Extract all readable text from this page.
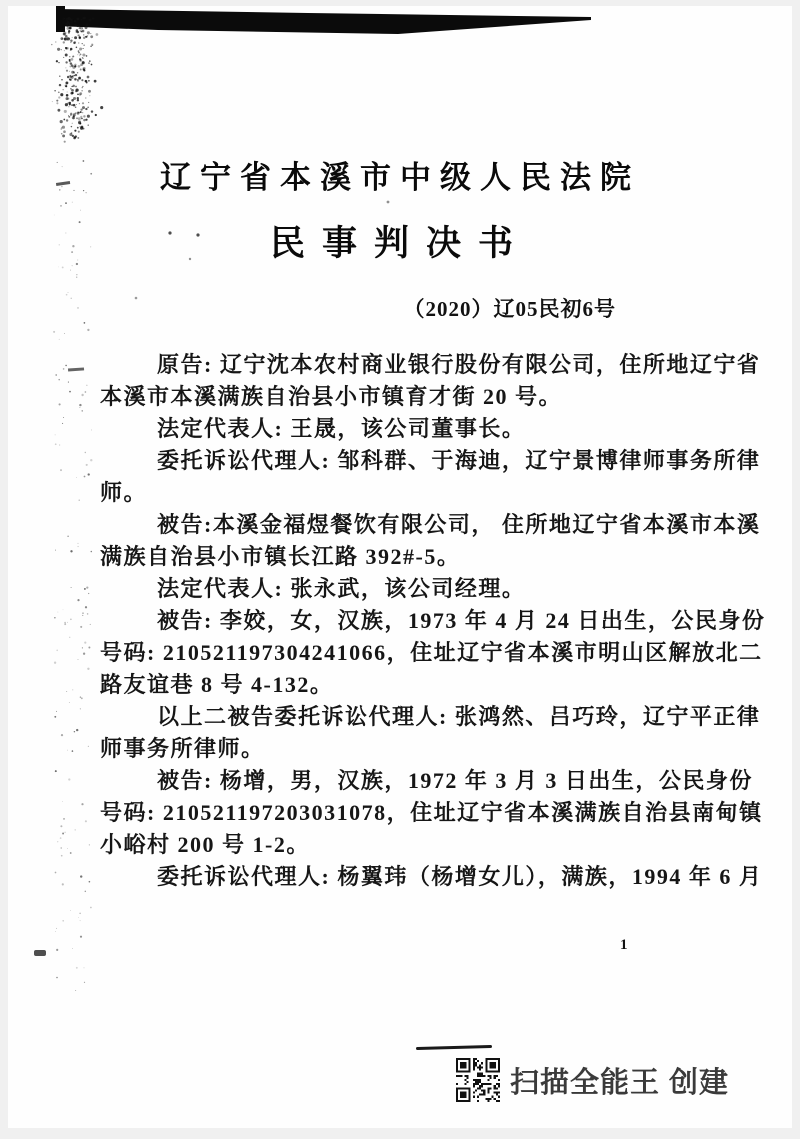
辽宁省本溪市中级人民法院
民事判决书
（2020）辽05民初6号
原告: 辽宁沈本农村商业银行股份有限公司，住所地辽宁省
本溪市本溪满族自治县小市镇育才街 20 号。
法定代表人: 王晟，该公司董事长。
委托诉讼代理人: 邹科群、于海迪，辽宁景博律师事务所律
师。
被告:本溪金福煜餐饮有限公司， 住所地辽宁省本溪市本溪
满族自治县小市镇长江路 392#-5。
法定代表人: 张永武，该公司经理。
被告: 李姣，女，汉族，1973 年 4 月 24 日出生，公民身份
号码: 210521197304241066，住址辽宁省本溪市明山区解放北二
路友谊巷 8 号 4-132。
以上二被告委托诉讼代理人: 张鸿然、吕巧玲，辽宁平正律
师事务所律师。
被告: 杨增，男，汉族，1972 年 3 月 3 日出生，公民身份
号码: 210521197203031078，住址辽宁省本溪满族自治县南甸镇
小峪村 200 号 1-2。
委托诉讼代理人: 杨翼玮（杨增女儿），满族，1994 年 6 月
1
扫描全能王 创建
